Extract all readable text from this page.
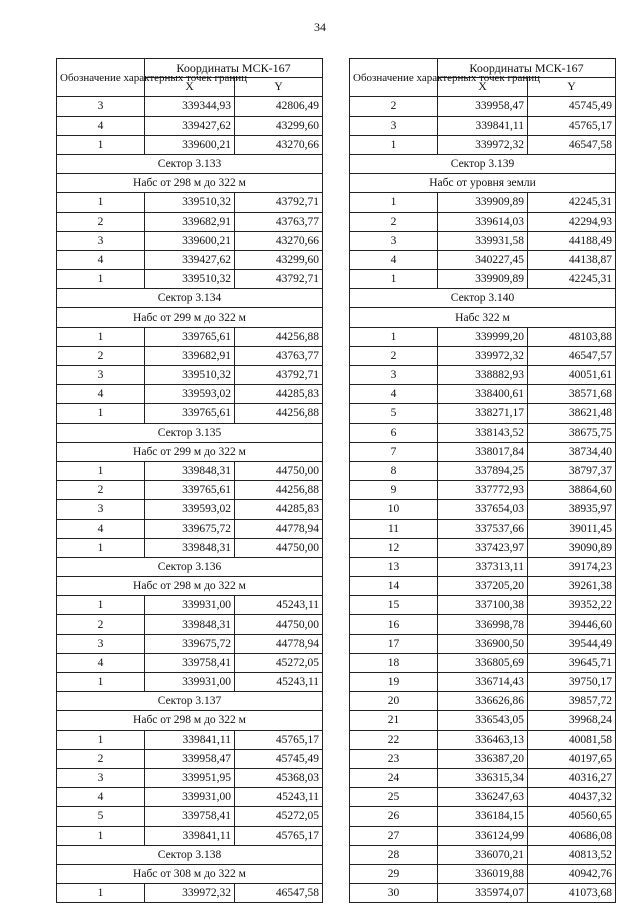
34
Обозначение характерных точек границ	Координаты МСК-167	
	X	Y
3	339344,93	42806,49
4	339427,62	43299,60
1	339600,21	43270,66
Сектор 3.133		
Набс от 298 м до 322 м		
1	339510,32	43792,71
2	339682,91	43763,77
3	339600,21	43270,66
4	339427,62	43299,60
1	339510,32	43792,71
Сектор 3.134		
Набс от 299 м до 322 м		
1	339765,61	44256,88
2	339682,91	43763,77
3	339510,32	43792,71
4	339593,02	44285,83
1	339765,61	44256,88
Сектор 3.135		
Набс от 299 м до 322 м		
1	339848,31	44750,00
2	339765,61	44256,88
3	339593,02	44285,83
4	339675,72	44778,94
1	339848,31	44750,00
Сектор 3.136		
Набс от 298 м до 322 м		
1	339931,00	45243,11
2	339848,31	44750,00
3	339675,72	44778,94
4	339758,41	45272,05
1	339931,00	45243,11
Сектор 3.137		
Набс от 298 м до 322 м		
1	339841,11	45765,17
2	339958,47	45745,49
3	339951,95	45368,03
4	339931,00	45243,11
5	339758,41	45272,05
1	339841,11	45765,17
Сектор 3.138		
Набс от 308 м до 322 м		
1	339972,32	46547,58
Обозначение характерных точек границ	Координаты МСК-167	
	X	Y
2	339958,47	45745,49
3	339841,11	45765,17
1	339972,32	46547,58
Сектор 3.139		
Набс от уровня земли		
1	339909,89	42245,31
2	339614,03	42294,93
3	339931,58	44188,49
4	340227,45	44138,87
1	339909,89	42245,31
Сектор 3.140		
Набс 322 м		
1	339999,20	48103,88
2	339972,32	46547,57
3	338882,93	40051,61
4	338400,61	38571,68
5	338271,17	38621,48
6	338143,52	38675,75
7	338017,84	38734,40
8	337894,25	38797,37
9	337772,93	38864,60
10	337654,03	38935,97
11	337537,66	39011,45
12	337423,97	39090,89
13	337313,11	39174,23
14	337205,20	39261,38
15	337100,38	39352,22
16	336998,78	39446,60
17	336900,50	39544,49
18	336805,69	39645,71
19	336714,43	39750,17
20	336626,86	39857,72
21	336543,05	39968,24
22	336463,13	40081,58
23	336387,20	40197,65
24	336315,34	40316,27
25	336247,63	40437,32
26	336184,15	40560,65
27	336124,99	40686,08
28	336070,21	40813,52
29	336019,88	40942,76
30	335974,07	41073,68
